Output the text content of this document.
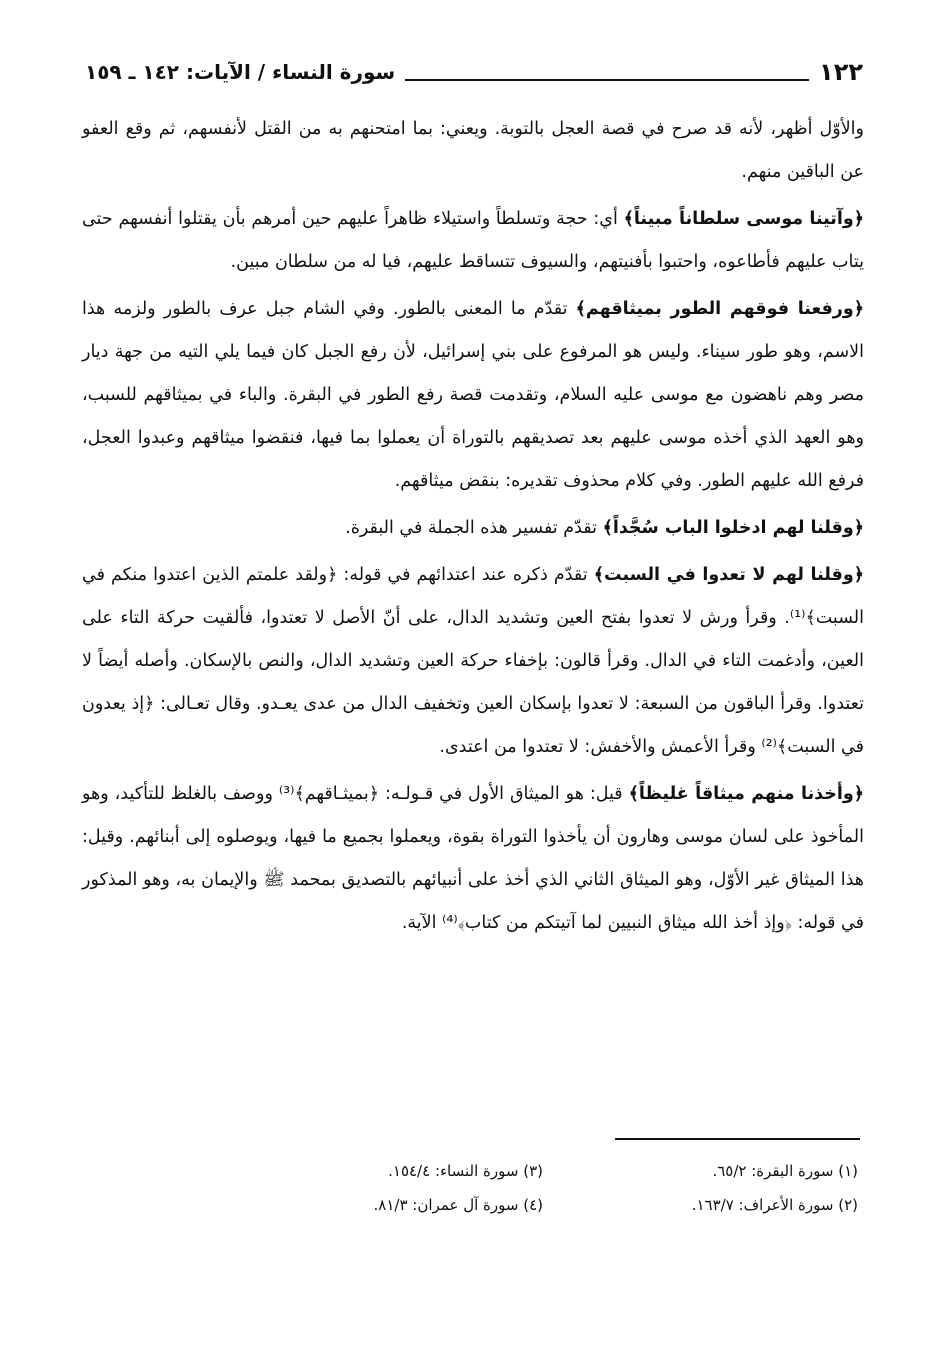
١٢٢
سورة النساء / الآيات: ١٤٢ ـ ١٥٩

والأوّل أظهر، لأنه قد صرح في قصة العجل بالتوبة. ويعني: بما امتحنهم به من القتل لأنفسهم، ثم وقع العفو عن الباقين منهم.

﴿وآتينا موسى سلطاناً مبيناً﴾ أي: حجة وتسلطاً واستيلاء ظاهراً عليهم حين أمرهم بأن يقتلوا أنفسهم حتى يتاب عليهم فأطاعوه، واحتبوا بأفنيتهم، والسيوف تتساقط عليهم، فيا له من سلطان مبين.

﴿ورفعنا فوقهم الطور بميثاقهم﴾ تقدّم ما المعنى بالطور. وفي الشام جبل عرف بالطور ولزمه هذا الاسم، وهو طور سيناء. وليس هو المرفوع على بني إسرائيل، لأن رفع الجبل كان فيما يلي التيه من جهة ديار مصر وهم ناهضون مع موسى عليه السلام، وتقدمت قصة رفع الطور في البقرة. والباء في بميثاقهم للسبب، وهو العهد الذي أخذه موسى عليهم بعد تصديقهم بالتوراة أن يعملوا بما فيها، فنقضوا ميثاقهم وعبدوا العجل، فرفع الله عليهم الطور. وفي كلام محذوف تقديره: بنقض ميثاقهم.

﴿وقلنا لهم ادخلوا الباب سُجَّداً﴾ تقدّم تفسير هذه الجملة في البقرة.

﴿وقلنا لهم لا تعدوا في السبت﴾ تقدّم ذكره عند اعتدائهم في قوله: ﴿ولقد علمتم الذين اعتدوا منكم في السبت﴾⁽¹⁾. وقرأ ورش لا تعدوا بفتح العين وتشديد الدال، على أنّ الأصل لا تعتدوا، فألقيت حركة التاء على العين، وأدغمت التاء في الدال. وقرأ قالون: بإخفاء حركة العين وتشديد الدال، والنص بالإسكان. وأصله أيضاً لا تعتدوا. وقرأ الباقون من السبعة: لا تعدوا بإسكان العين وتخفيف الدال من عدى يعـدو. وقال تعـالى: ﴿إذ يعدون في السبت﴾⁽²⁾ وقرأ الأعمش والأخفش: لا تعتدوا من اعتدى.

﴿وأخذنا منهم ميثاقاً غليظاً﴾ قيل: هو الميثاق الأول في قـولـه: ﴿بميثـاقهم﴾⁽³⁾ ووصف بالغلظ للتأكيد، وهو المأخوذ على لسان موسى وهارون أن يأخذوا التوراة بقوة، ويعملوا بجميع ما فيها، ويوصلوه إلى أبنائهم. وقيل: هذا الميثاق غير الأوّل، وهو الميثاق الثاني الذي أخذ على أنبيائهم بالتصديق بمحمد ﷺ والإيمان به، وهو المذكور في قوله: ﴿وإذ أخذ الله ميثاق النبيين لما آتيتكم من كتاب﴾⁽⁴⁾ الآية.

(١) سورة البقرة: ٦٥/٢.
(٣) سورة النساء: ١٥٤/٤.
(٢) سورة الأعراف: ١٦٣/٧.
(٤) سورة آل عمران: ٨١/٣.
